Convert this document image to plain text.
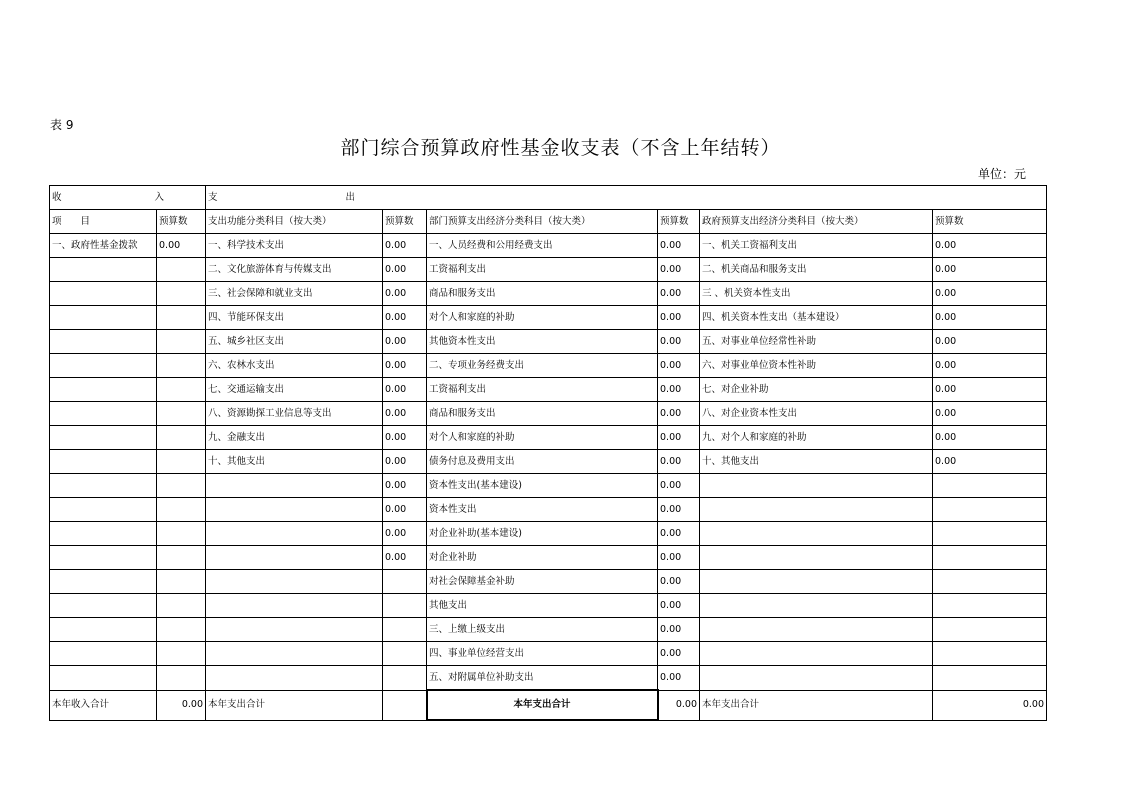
表 9
部门综合预算政府性基金收支表（不含上年结转）
单位：元
收 入		支 出					
项　　目	预算数	支出功能分类科目（按大类）	预算数	部门预算支出经济分类科目（按大类）	预算数	政府预算支出经济分类科目（按大类）	预算数
一、政府性基金拨款	0.00	一、科学技术支出	0.00	一、人员经费和公用经费支出	0.00	一、机关工资福利支出	0.00
		二、文化旅游体育与传媒支出	0.00	工资福利支出	0.00	二、机关商品和服务支出	0.00
		三、社会保障和就业支出	0.00	商品和服务支出	0.00	三 、机关资本性支出	0.00
		四、节能环保支出	0.00	对个人和家庭的补助	0.00	四、机关资本性支出（基本建设）	0.00
		五、城乡社区支出	0.00	其他资本性支出	0.00	五、对事业单位经常性补助	0.00
		六、农林水支出	0.00	二、专项业务经费支出	0.00	六、对事业单位资本性补助	0.00
		七、交通运输支出	0.00	工资福利支出	0.00	七、对企业补助	0.00
		八、资源勘探工业信息等支出	0.00	商品和服务支出	0.00	八、对企业资本性支出	0.00
		九、金融支出	0.00	对个人和家庭的补助	0.00	九、对个人和家庭的补助	0.00
		十、其他支出	0.00	债务付息及费用支出	0.00	十、其他支出	0.00
			0.00	资本性支出(基本建设)	0.00		
			0.00	资本性支出	0.00		
			0.00	对企业补助(基本建设)	0.00		
			0.00	对企业补助	0.00		
				对社会保障基金补助	0.00		
				其他支出	0.00		
				三、上缴上级支出	0.00		
				四、事业单位经营支出	0.00		
				五、对附属单位补助支出	0.00		
本年收入合计	0.00	本年支出合计		本年支出合计	0.00	本年支出合计	0.00
